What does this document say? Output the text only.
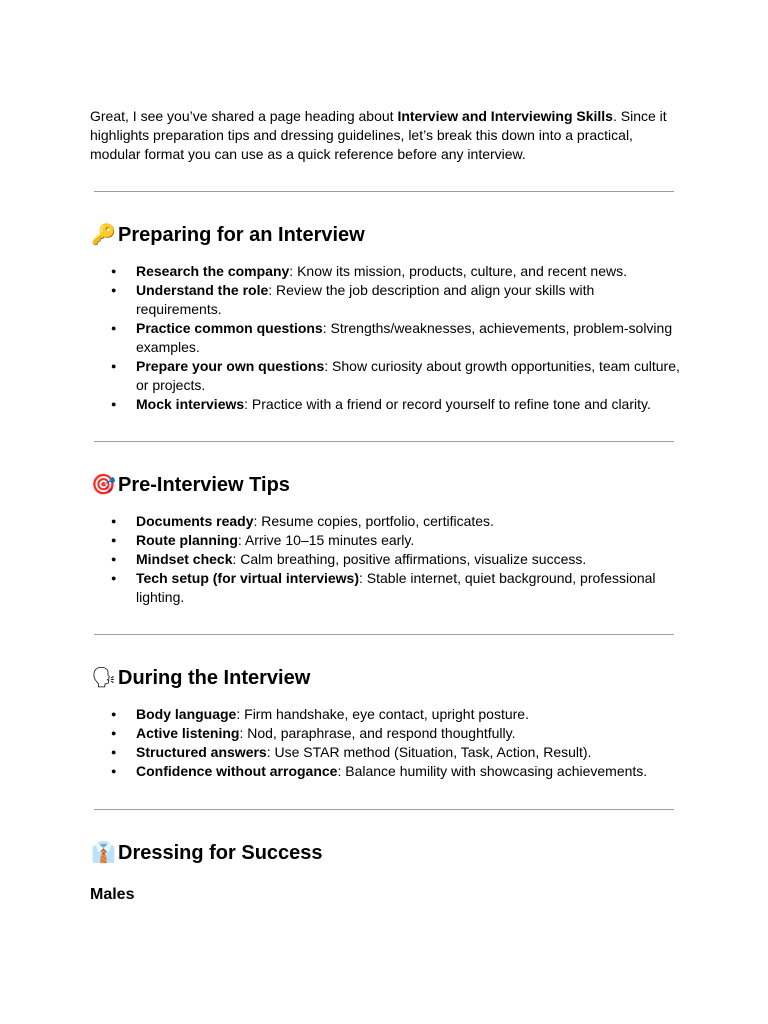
Great, I see you’ve shared a page heading about Interview and Interviewing Skills. Since it highlights preparation tips and dressing guidelines, let’s break this down into a practical, modular format you can use as a quick reference before any interview.

🔑 Preparing for an Interview
● Research the company: Know its mission, products, culture, and recent news.
● Understand the role: Review the job description and align your skills with requirements.
● Practice common questions: Strengths/weaknesses, achievements, problem-solving examples.
● Prepare your own questions: Show curiosity about growth opportunities, team culture, or projects.
● Mock interviews: Practice with a friend or record yourself to refine tone and clarity.
🎯 Pre-Interview Tips
● Documents ready: Resume copies, portfolio, certificates.
● Route planning: Arrive 10–15 minutes early.
● Mindset check: Calm breathing, positive affirmations, visualize success.
● Tech setup (for virtual interviews): Stable internet, quiet background, professional lighting.
🗣 During the Interview
● Body language: Firm handshake, eye contact, upright posture.
● Active listening: Nod, paraphrase, and respond thoughtfully.
● Structured answers: Use STAR method (Situation, Task, Action, Result).
● Confidence without arrogance: Balance humility with showcasing achievements.
👔 Dressing for Success
Males
